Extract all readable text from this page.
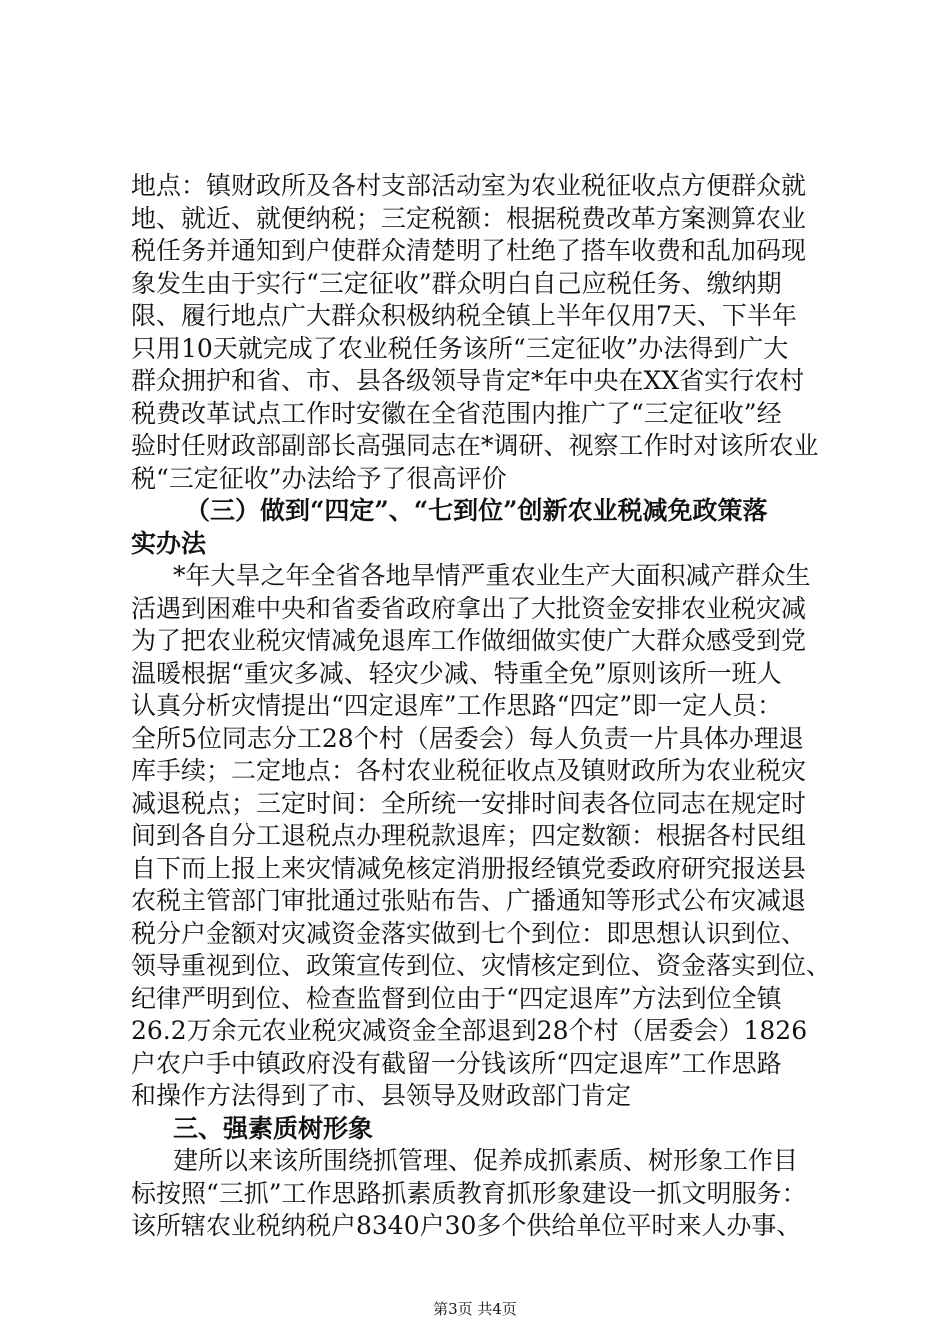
地点：镇财政所及各村支部活动室为农业税征收点方便群众就
地、就近、就便纳税；三定税额：根据税费改革方案测算农业
税任务并通知到户使群众清楚明了杜绝了搭车收费和乱加码现
象发生由于实行“三定征收”群众明白自己应税任务、缴纳期
限、履行地点广大群众积极纳税全镇上半年仅用7天、下半年
只用10天就完成了农业税任务该所“三定征收”办法得到广大
群众拥护和省、市、县各级领导肯定*年中央在XX省实行农村
税费改革试点工作时安徽在全省范围内推广了“三定征收”经
验时任财政部副部长高强同志在*调研、视察工作时对该所农业
税“三定征收”办法给予了很高评价
（三）做到“四定”、“七到位”创新农业税减免政策落
实办法
*年大旱之年全省各地旱情严重农业生产大面积减产群众生
活遇到困难中央和省委省政府拿出了大批资金安排农业税灾减
为了把农业税灾情减免退库工作做细做实使广大群众感受到党
温暖根据“重灾多减、轻灾少减、特重全免”原则该所一班人
认真分析灾情提出“四定退库”工作思路“四定”即一定人员：
全所5位同志分工28个村（居委会）每人负责一片具体办理退
库手续；二定地点：各村农业税征收点及镇财政所为农业税灾
减退税点；三定时间：全所统一安排时间表各位同志在规定时
间到各自分工退税点办理税款退库；四定数额：根据各村民组
自下而上报上来灾情减免核定消册报经镇党委政府研究报送县
农税主管部门审批通过张贴布告、广播通知等形式公布灾减退
税分户金额对灾减资金落实做到七个到位：即思想认识到位、
领导重视到位、政策宣传到位、灾情核定到位、资金落实到位、
纪律严明到位、检查监督到位由于“四定退库”方法到位全镇
26.2万余元农业税灾减资金全部退到28个村（居委会）1826
户农户手中镇政府没有截留一分钱该所“四定退库”工作思路
和操作方法得到了市、县领导及财政部门肯定
三、强素质树形象
建所以来该所围绕抓管理、促养成抓素质、树形象工作目
标按照“三抓”工作思路抓素质教育抓形象建设一抓文明服务：
该所辖农业税纳税户8340户30多个供给单位平时来人办事、
第3页 共4页
